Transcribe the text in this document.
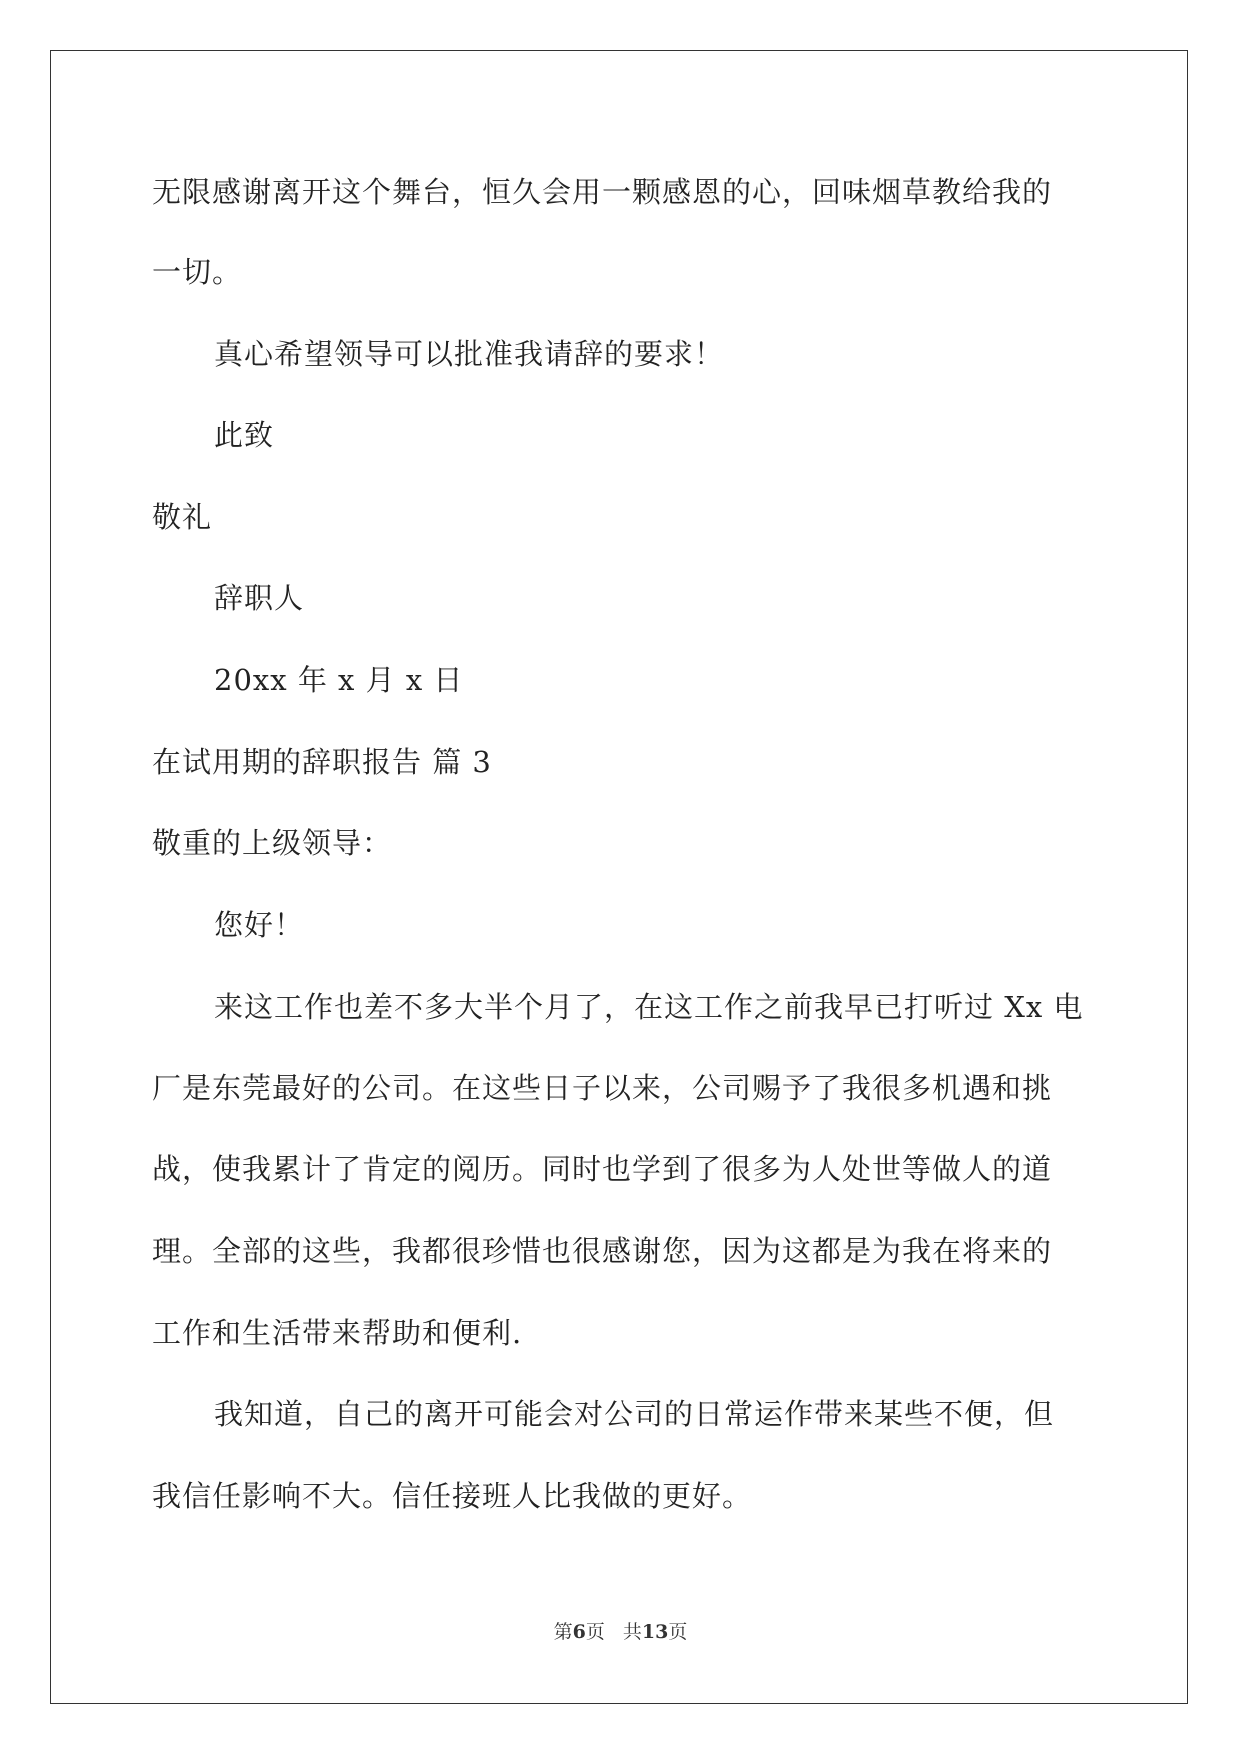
无限感谢离开这个舞台，恒久会用一颗感恩的心，回味烟草教给我的
一切。
真心希望领导可以批准我请辞的要求！
此致
敬礼
辞职人
20xx 年 x 月 x 日
在试用期的辞职报告 篇 3
敬重的上级领导：
您好！
来这工作也差不多大半个月了，在这工作之前我早已打听过 Xx 电
厂是东莞最好的公司。在这些日子以来，公司赐予了我很多机遇和挑
战，使我累计了肯定的阅历。同时也学到了很多为人处世等做人的道
理。全部的这些，我都很珍惜也很感谢您，因为这都是为我在将来的
工作和生活带来帮助和便利.
我知道，自己的离开可能会对公司的日常运作带来某些不便，但
我信任影响不大。信任接班人比我做的更好。
第6页 共13页
